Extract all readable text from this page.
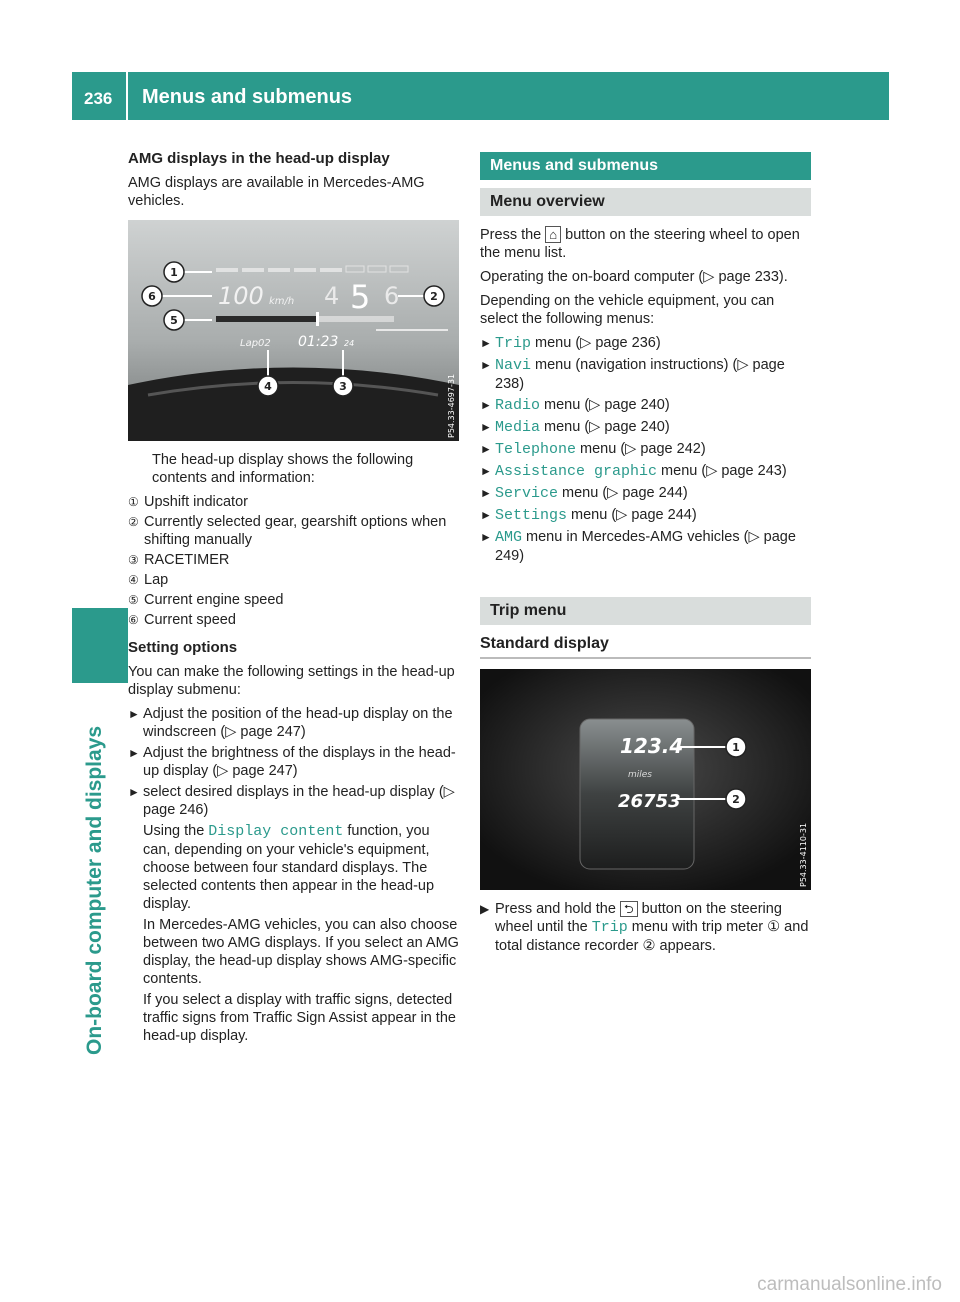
236 Menus and submenus
On-board computer and displays
AMG displays in the head-up display

AMG displays are available in Mercedes-AMG vehicles.

100 km/h 4 5 6
Lap02 01:23 24
1
2
3
4
5
6
P54.33-4697-31

The head-up display shows the following contents and information:

① Upshift indicator
② Currently selected gear, gearshift options when shifting manually
③ RACETIMER
④ Lap
⑤ Current engine speed
⑥ Current speed
Setting options

You can make the following settings in the head-up display submenu:

► Adjust the position of the head-up display on the windscreen (▷ page 247)
► Adjust the brightness of the displays in the head-up display (▷ page 247)
► select desired displays in the head-up display (▷ page 246)

Using the Display content function, you can, depending on your vehicle's equipment, choose between four standard displays. The selected contents then appear in the head-up display.

In Mercedes-AMG vehicles, you can also choose between two AMG displays. If you select an AMG display, the head-up display shows AMG-specific contents.

If you select a display with traffic signs, detected traffic signs from Traffic Sign Assist appear in the head-up display.

Menus and submenus
Menu overview

Press the ⌂ button on the steering wheel to open the menu list.

Operating the on-board computer (▷ page 233).

Depending on the vehicle equipment, you can select the following menus:

► Trip menu (▷ page 236)
► Navi menu (navigation instructions) (▷ page 238)
► Radio menu (▷ page 240)
► Media menu (▷ page 240)
► Telephone menu (▷ page 242)
► Assistance graphic menu (▷ page 243)
► Service menu (▷ page 244)
► Settings menu (▷ page 244)
► AMG menu in Mercedes-AMG vehicles (▷ page 249)
Trip menu
Standard display
123.4
miles
26753
1
2
P54.33-4110-31
▶ Press and hold the ⮌ button on the steering wheel until the Trip menu with trip meter ① and total distance recorder ② appears.
carmanualsonline.info
